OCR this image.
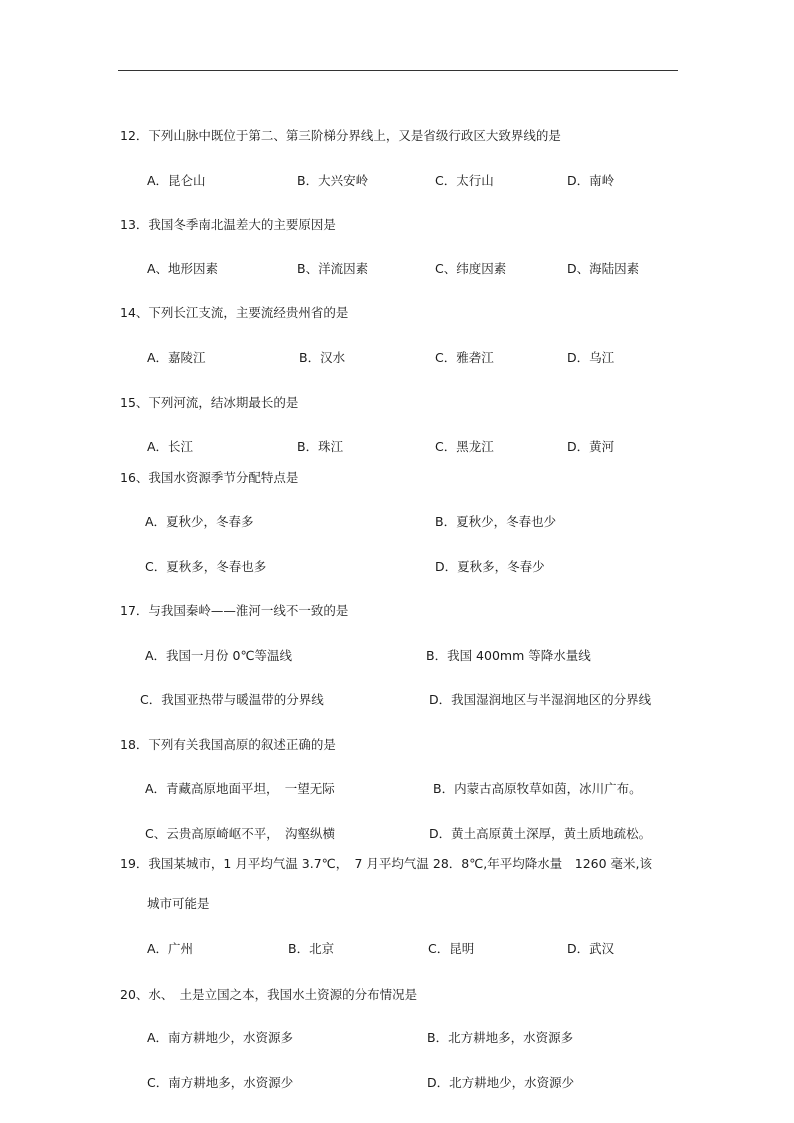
12．下列山脉中既位于第二、第三阶梯分界线上，又是省级行政区大致界线的是
A．昆仑山	B．大兴安岭	C．太行山	D．南岭
13．我国冬季南北温差大的主要原因是
A、地形因素	B、洋流因素	C、纬度因素	D、海陆因素
14、下列长江支流，主要流经贵州省的是
A．嘉陵江	B．汉水	C．雅砻江	D．乌江
15、下列河流，结冰期最长的是
A．长江	B．珠江	C．黑龙江	D．黄河
16、我国水资源季节分配特点是
A．夏秋少，冬春多	B．夏秋少，冬春也少
C．夏秋多，冬春也多	D．夏秋多，冬春少
17．与我国秦岭——淮河一线不一致的是
A．我国一月份 0℃等温线	B．我国 400mm 等降水量线
C．我国亚热带与暖温带的分界线	D．我国湿润地区与半湿润地区的分界线
18．下列有关我国高原的叙述正确的是
A．青藏高原地面平坦，　一望无际	B．内蒙古高原牧草如茵，冰川广布。
C、云贵高原崎岖不平，　沟壑纵横	D．黄土高原黄土深厚，黄土质地疏松。
19．我国某城市，1 月平均气温 3.7℃，　7 月平均气温 28．8℃,年平均降水量　1260 毫米,该
城市可能是
A．广州	B．北京	C．昆明	D．武汉
20、水、　土是立国之本，我国水土资源的分布情况是
A．南方耕地少，水资源多	B．北方耕地多，水资源多
C．南方耕地多，水资源少	D．北方耕地少，水资源少
